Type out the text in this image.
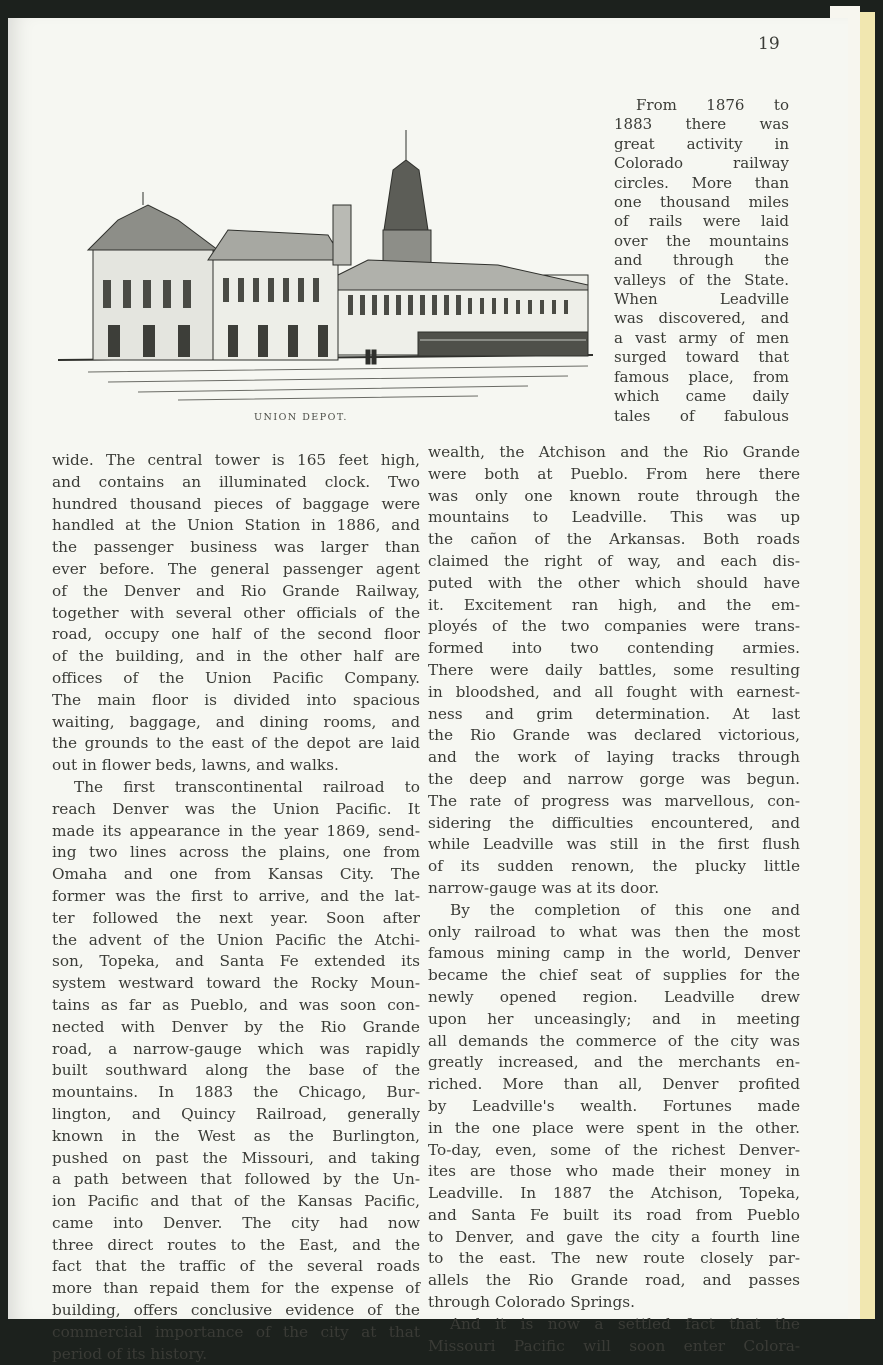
19
UNION DEPOT.
From 1876 to
1883 there was
great activity in
Colorado railway
circles. More than
one thousand miles
of rails were laid
over the mountains
and through the
valleys of the State.
When Leadville
was discovered, and
a vast army of men
surged toward that
famous place, from
which came daily
tales of fabulous
wide. The central tower is 165 feet high,
and contains an illuminated clock. Two
hundred thousand pieces of baggage were
handled at the Union Station in 1886, and
the passenger business was larger than
ever before. The general passenger agent
of the Denver and Rio Grande Railway,
together with several other officials of the
road, occupy one half of the second floor
of the building, and in the other half are
offices of the Union Pacific Company.
The main floor is divided into spacious
waiting, baggage, and dining rooms, and
the grounds to the east of the depot are laid
out in flower beds, lawns, and walks.
The first transcontinental railroad to
reach Denver was the Union Pacific. It
made its appearance in the year 1869, send-
ing two lines across the plains, one from
Omaha and one from Kansas City. The
former was the first to arrive, and the lat-
ter followed the next year. Soon after
the advent of the Union Pacific the Atchi-
son, Topeka, and Santa Fe extended its
system westward toward the Rocky Moun-
tains as far as Pueblo, and was soon con-
nected with Denver by the Rio Grande
road, a narrow-gauge which was rapidly
built southward along the base of the
mountains. In 1883 the Chicago, Bur-
lington, and Quincy Railroad, generally
known in the West as the Burlington,
pushed on past the Missouri, and taking
a path between that followed by the Un-
ion Pacific and that of the Kansas Pacific,
came into Denver. The city had now
three direct routes to the East, and the
fact that the traffic of the several roads
more than repaid them for the expense of
building, offers conclusive evidence of the
commercial importance of the city at that
period of its history.
wealth, the Atchison and the Rio Grande
were both at Pueblo. From here there
was only one known route through the
mountains to Leadville. This was up
the cañon of the Arkansas. Both roads
claimed the right of way, and each dis-
puted with the other which should have
it. Excitement ran high, and the em-
ployés of the two companies were trans-
formed into two contending armies.
There were daily battles, some resulting
in bloodshed, and all fought with earnest-
ness and grim determination. At last
the Rio Grande was declared victorious,
and the work of laying tracks through
the deep and narrow gorge was begun.
The rate of progress was marvellous, con-
sidering the difficulties encountered, and
while Leadville was still in the first flush
of its sudden renown, the plucky little
narrow-gauge was at its door.
By the completion of this one and
only railroad to what was then the most
famous mining camp in the world, Denver
became the chief seat of supplies for the
newly opened region. Leadville drew
upon her unceasingly; and in meeting
all demands the commerce of the city was
greatly increased, and the merchants en-
riched. More than all, Denver profited
by Leadville's wealth. Fortunes made
in the one place were spent in the other.
To-day, even, some of the richest Denver-
ites are those who made their money in
Leadville. In 1887 the Atchison, Topeka,
and Santa Fe built its road from Pueblo
to Denver, and gave the city a fourth line
to the east. The new route closely par-
allels the Rio Grande road, and passes
through Colorado Springs.
And it is now a settled fact that the
Missouri Pacific will soon enter Colora-
